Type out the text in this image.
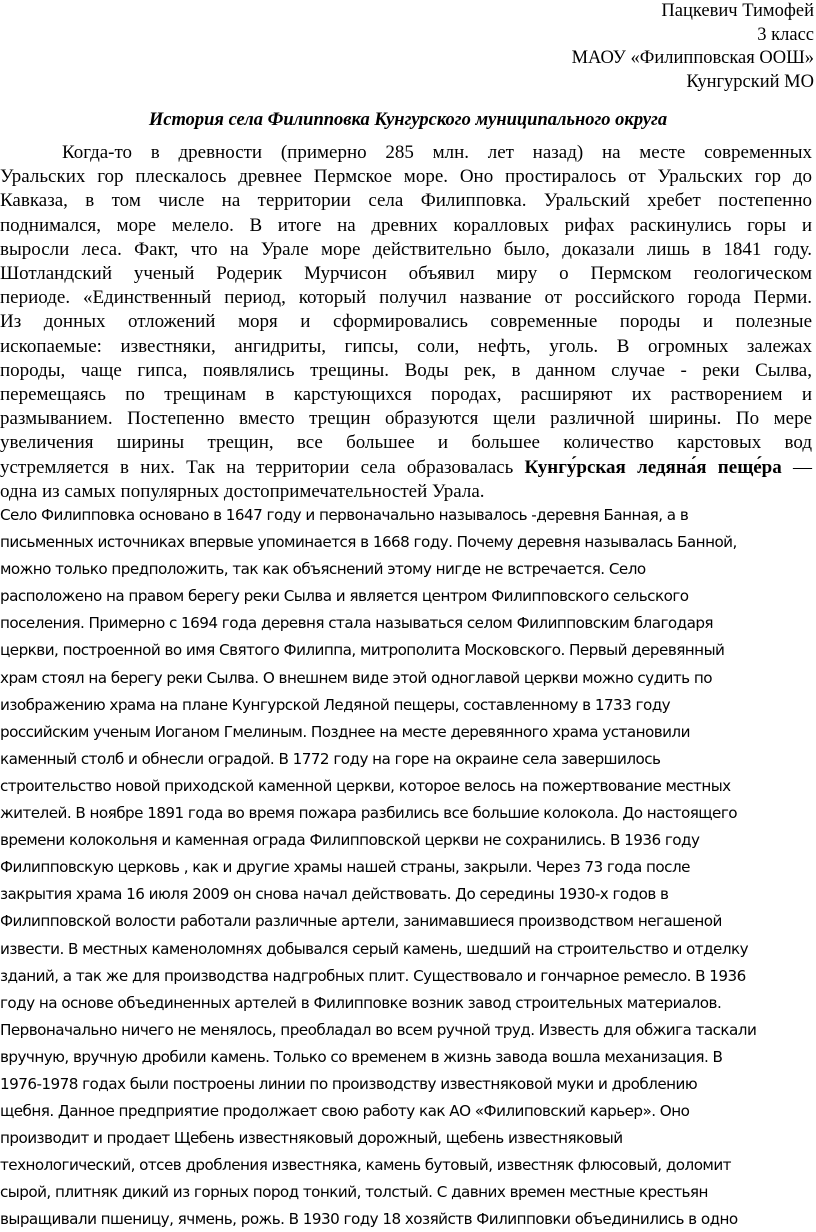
Пацкевич Тимофей
3 класс
МАОУ «Филипповская ООШ»
Кунгурский МО
История села Филипповка Кунгурского муниципального округа
Когда-то в древности (примерно 285 млн. лет назад) на месте современных
Уральских гор плескалось древнее Пермское море. Оно простиралось от Уральских гор до
Кавказа, в том числе на территории села Филипповка. Уральский хребет постепенно
поднимался, море мелело. В итоге на древних коралловых рифах раскинулись горы и
выросли леса. Факт, что на Урале море действительно было, доказали лишь в 1841 году.
Шотландский ученый Родерик Мурчисон объявил миру о Пермском геологическом
периоде. «Единственный период, который получил название от российского города Перми.
Из донных отложений моря и сформировались современные породы и полезные
ископаемые: известняки, ангидриты, гипсы, соли, нефть, уголь. В огромных залежах
породы, чаще гипса, появлялись трещины. Воды рек, в данном случае - реки Сылва,
перемещаясь по трещинам в карстующихся породах, расширяют их растворением и
размыванием. Постепенно вместо трещин образуются щели различной ширины. По мере
увеличения ширины трещин, все большее и большее количество карстовых вод
устремляется в них. Так на территории села образовалась Кунгу́рская ледяна́я пеще́ра —
одна из самых популярных достопримечательностей Урала.
Село Филипповка основано в 1647 году и первоначально называлось -деревня Банная, а в
письменных источниках впервые упоминается в 1668 году. Почему деревня называлась Банной,
можно только предположить, так как объяснений этому нигде не встречается. Село
расположено на правом берегу реки Сылва и является центром Филипповского сельского
поселения. Примерно с 1694 года деревня стала называться селом Филипповским благодаря
церкви, построенной во имя Святого Филиппа, митрополита Московского. Первый деревянный
храм стоял на берегу реки Сылва. О внешнем виде этой одноглавой церкви можно судить по
изображению храма на плане Кунгурской Ледяной пещеры, составленному в 1733 году
российским ученым Иоганом Гмелиным. Позднее на месте деревянного храма установили
каменный столб и обнесли оградой. В 1772 году на горе на окраине села завершилось
строительство новой приходской каменной церкви, которое велось на пожертвование местных
жителей. В ноябре 1891 года во время пожара разбились все большие колокола. До настоящего
времени колокольня и каменная ограда Филипповской церкви не сохранились. В 1936 году
Филипповскую церковь , как и другие храмы нашей страны, закрыли. Через 73 года после
закрытия храма 16 июля 2009 он снова начал действовать. До середины 1930-х годов в
Филипповской волости работали различные артели, занимавшиеся производством негашеной
извести. В местных каменоломнях добывался серый камень, шедший на строительство и отделку
зданий, а так же для производства надгробных плит. Существовало и гончарное ремесло. В 1936
году на основе объединенных артелей в Филипповке возник завод строительных материалов.
Первоначально ничего не менялось, преобладал во всем ручной труд. Известь для обжига таскали
вручную, вручную дробили камень. Только со временем в жизнь завода вошла механизация. В
1976-1978 годах были построены линии по производству известняковой муки и дроблению
щебня. Данное предприятие продолжает свою работу как АО «Филиповский карьер». Оно
производит и продает Щебень известняковый дорожный, щебень известняковый
технологический, отсев дробления известняка, камень бутовый, известняк флюсовый, доломит
сырой, плитняк дикий из горных пород тонкий, толстый. С давних времен местные крестьян
выращивали пшеницу, ячмень, рожь. В 1930 году 18 хозяйств Филипповки объединились в одно
